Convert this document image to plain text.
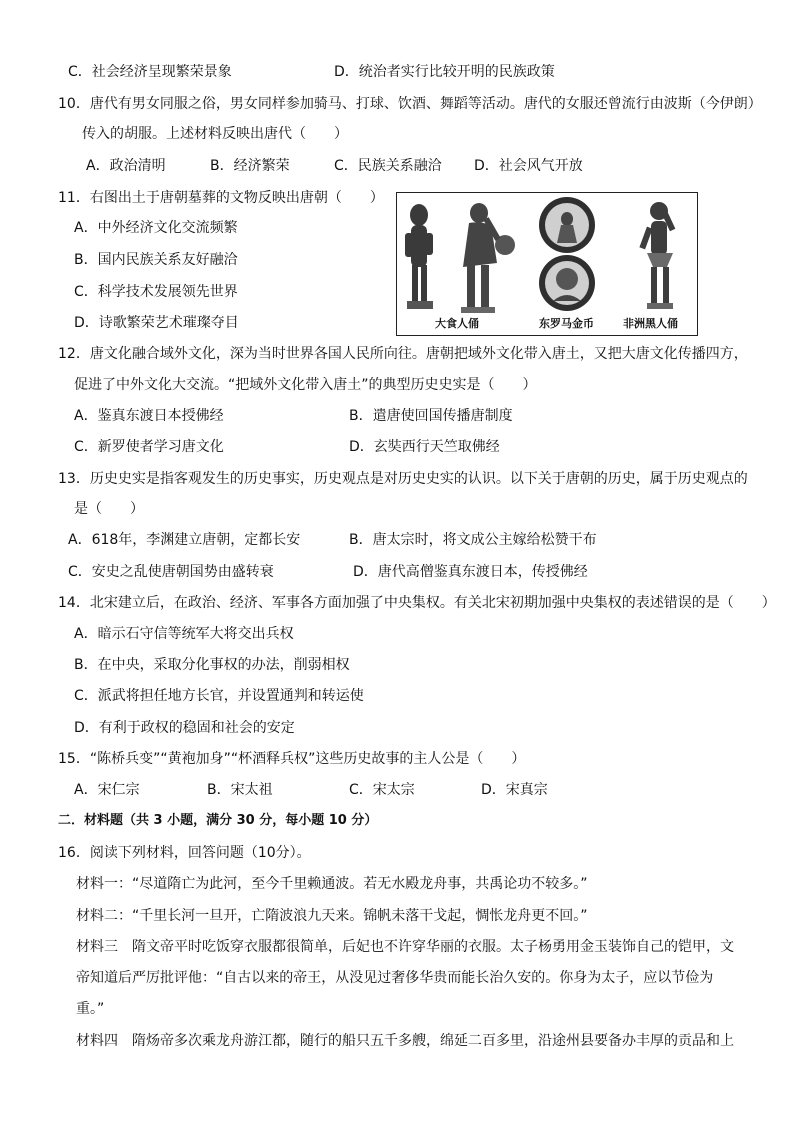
C．社会经济呈现繁荣景象	D．统治者实行比较开明的民族政策
10．唐代有男女同服之俗，男女同样参加骑马、打球、饮酒、舞蹈等活动。唐代的女服还曾流行由波斯（今伊朗）
传入的胡服。上述材料反映出唐代（　　）
A．政治清明	B．经济繁荣	C．民族关系融洽 D．社会风气开放
11．右图出土于唐朝墓葬的文物反映出唐朝（　　）
A．中外经济文化交流频繁
B．国内民族关系友好融洽
C．科学技术发展领先世界
D．诗歌繁荣艺术璀璨夺目	大食人俑	东罗马金币	非洲黑人俑
12．唐文化融合域外文化，深为当时世界各国人民所向往。唐朝把域外文化带入唐土，又把大唐文化传播四方，
促进了中外文化大交流。“把域外文化带入唐土”的典型历史史实是（　　）
A．鉴真东渡日本授佛经	B．遣唐使回国传播唐制度
C．新罗使者学习唐文化	D．玄奘西行天竺取佛经
13．历史史实是指客观发生的历史事实，历史观点是对历史史实的认识。以下关于唐朝的历史，属于历史观点的
是（　　）
A．618年，李渊建立唐朝，定都长安	B．唐太宗时，将文成公主嫁给松赞干布
C．安史之乱使唐朝国势由盛转衰	D．唐代高僧鉴真东渡日本，传授佛经
14．北宋建立后，在政治、经济、军事各方面加强了中央集权。有关北宋初期加强中央集权的表述错误的是（　　）
A．暗示石守信等统军大将交出兵权
B．在中央，采取分化事权的办法，削弱相权
C．派武将担任地方长官，并设置通判和转运使
D．有利于政权的稳固和社会的安定
15．“陈桥兵变”“黄袍加身”“杯酒释兵权”这些历史故事的主人公是（　　）
A．宋仁宗	B．宋太祖	C．宋太宗	D．宋真宗
二．材料题（共 3 小题，满分 30 分，每小题 10 分）
16．阅读下列材料，回答问题（10分）。
材料一：“尽道隋亡为此河，至今千里赖通波。若无水殿龙舟事，共禹论功不较多。”
材料二：“千里长河一旦开，亡隋波浪九天来。锦帆未落干戈起，惆怅龙舟更不回。”
材料三　隋文帝平时吃饭穿衣服都很简单，后妃也不许穿华丽的衣服。太子杨勇用金玉装饰自己的铠甲，文
帝知道后严厉批评他：“自古以来的帝王，从没见过奢侈华贵而能长治久安的。你身为太子，应以节俭为
重。”
材料四　隋炀帝多次乘龙舟游江都，随行的船只五千多艘，绵延二百多里，沿途州县要备办丰厚的贡品和上
